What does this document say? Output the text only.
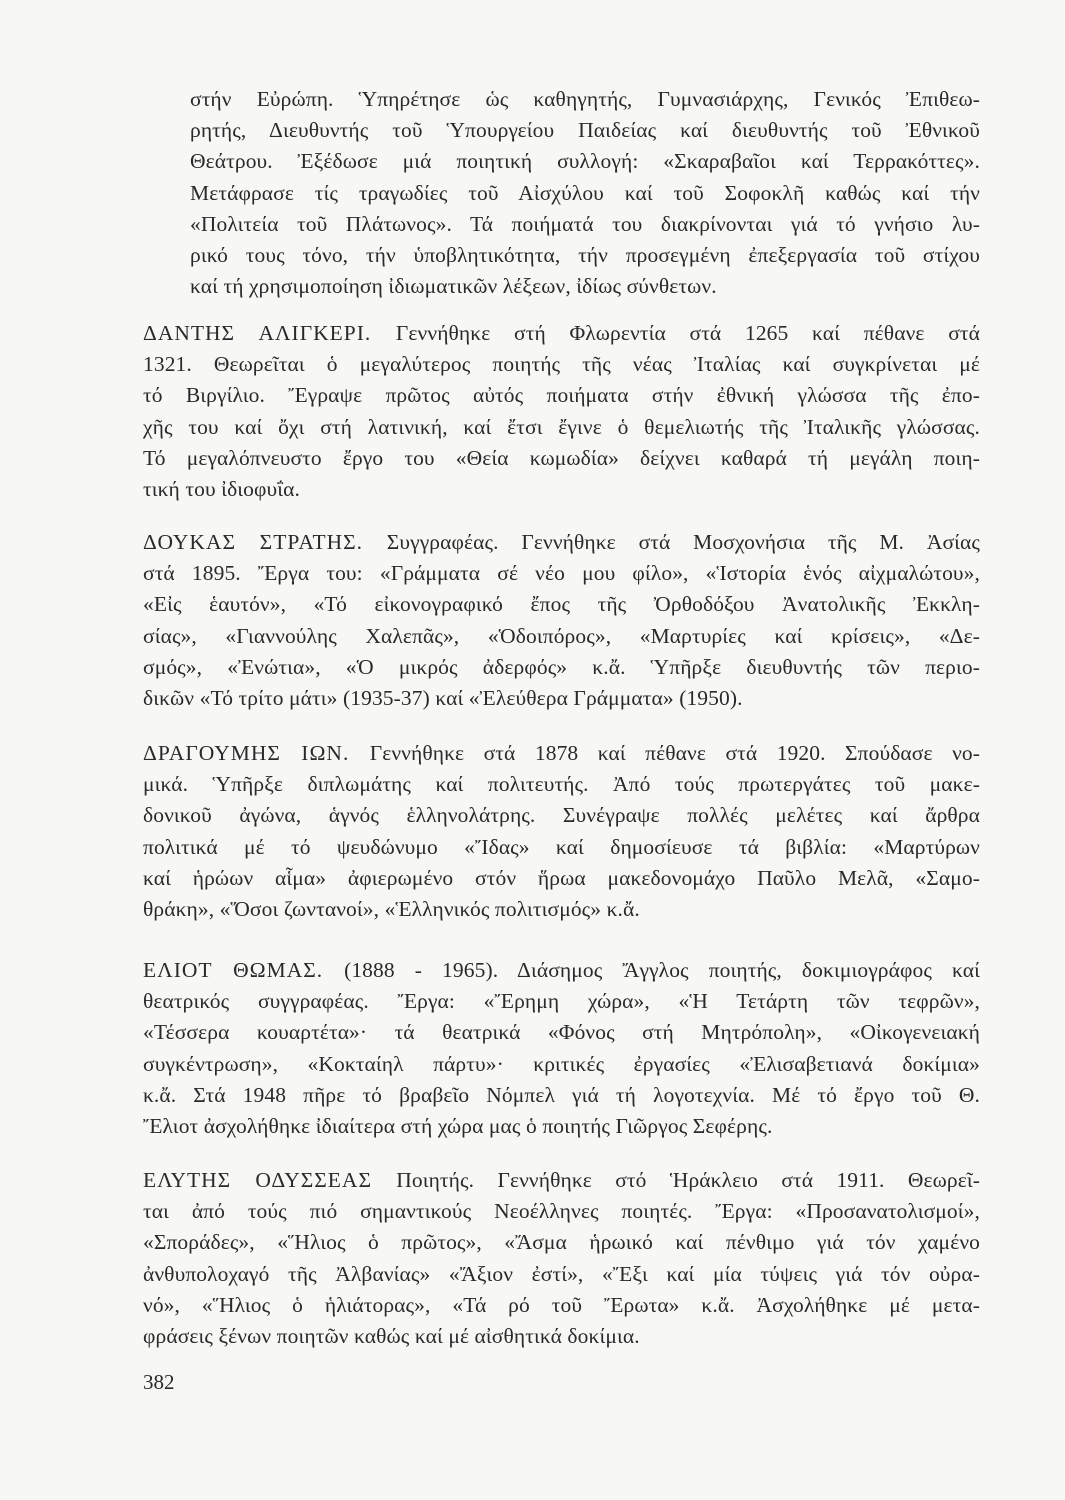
στήν Εὐρώπη. Ὑπηρέτησε ὡς καθηγητής, Γυμνασιάρχης, Γενικός Ἐπιθεω-
ρητής, Διευθυντής τοῦ Ὑπουργείου Παιδείας καί διευθυντής τοῦ Ἐθνικοῦ
Θεάτρου. Ἐξέδωσε μιά ποιητική συλλογή: «Σκαραβαῖοι καί Τερρακόττες».
Μετάφρασε τίς τραγωδίες τοῦ Αἰσχύλου καί τοῦ Σοφοκλῆ καθώς καί τήν
«Πολιτεία τοῦ Πλάτωνος». Τά ποιήματά του διακρίνονται γιά τό γνήσιο λυ-
ρικό τους τόνο, τήν ὑποβλητικότητα, τήν προσεγμένη ἐπεξεργασία τοῦ στίχου
καί τή χρησιμοποίηση ἰδιωματικῶν λέξεων, ἰδίως σύνθετων.
ΔΑΝΤΗΣ ΑΛΙΓΚΕΡΙ. Γεννήθηκε στή Φλωρεντία στά 1265 καί πέθανε στά
1321. Θεωρεῖται ὁ μεγαλύτερος ποιητής τῆς νέας Ἰταλίας καί συγκρίνεται μέ
τό Βιργίλιο. Ἔγραψε πρῶτος αὐτός ποιήματα στήν ἐθνική γλώσσα τῆς ἐπο-
χῆς του καί ὄχι στή λατινική, καί ἔτσι ἔγινε ὁ θεμελιωτής τῆς Ἰταλικῆς γλώσσας.
Τό μεγαλόπνευστο ἔργο του «Θεία κωμωδία» δείχνει καθαρά τή μεγάλη ποιη-
τική του ἰδιοφυΐα.
ΔΟΥΚΑΣ ΣΤΡΑΤΗΣ. Συγγραφέας. Γεννήθηκε στά Μοσχονήσια τῆς Μ. Ἀσίας
στά 1895. Ἔργα του: «Γράμματα σέ νέο μου φίλο», «Ἱστορία ἑνός αἰχμαλώτου»,
«Εἰς ἑαυτόν», «Τό εἰκονογραφικό ἔπος τῆς Ὀρθοδόξου Ἀνατολικῆς Ἐκκλη-
σίας», «Γιαννούλης Χαλεπᾶς», «Ὁδοιπόρος», «Μαρτυρίες καί κρίσεις», «Δε-
σμός», «Ἐνώτια», «Ὁ μικρός ἀδερφός» κ.ἄ. Ὑπῆρξε διευθυντής τῶν περιο-
δικῶν «Τό τρίτο μάτι» (1935-37) καί «Ἐλεύθερα Γράμματα» (1950).
ΔΡΑΓΟΥΜΗΣ ΙΩΝ. Γεννήθηκε στά 1878 καί πέθανε στά 1920. Σπούδασε νο-
μικά. Ὑπῆρξε διπλωμάτης καί πολιτευτής. Ἀπό τούς πρωτεργάτες τοῦ μακε-
δονικοῦ ἀγώνα, ἁγνός ἑλληνολάτρης. Συνέγραψε πολλές μελέτες καί ἄρθρα
πολιτικά μέ τό ψευδώνυμο «Ἴδας» καί δημοσίευσε τά βιβλία: «Μαρτύρων
καί ἡρώων αἷμα» ἀφιερωμένο στόν ἥρωα μακεδονομάχο Παῦλο Μελᾶ, «Σαμο-
θράκη», «Ὅσοι ζωντανοί», «Ἑλληνικός πολιτισμός» κ.ἄ.
ΕΛΙΟΤ ΘΩΜΑΣ. (1888 - 1965). Διάσημος Ἄγγλος ποιητής, δοκιμιογράφος καί
θεατρικός συγγραφέας. Ἔργα: «Ἔρημη χώρα», «Ἡ Τετάρτη τῶν τεφρῶν»,
«Τέσσερα κουαρτέτα»· τά θεατρικά «Φόνος στή Μητρόπολη», «Οἰκογενειακή
συγκέντρωση», «Κοκταίηλ πάρτυ»· κριτικές ἐργασίες «Ἐλισαβετιανά δοκίμια»
κ.ἄ. Στά 1948 πῆρε τό βραβεῖο Νόμπελ γιά τή λογοτεχνία. Μέ τό ἔργο τοῦ Θ.
Ἔλιοτ ἀσχολήθηκε ἰδιαίτερα στή χώρα μας ὁ ποιητής Γιῶργος Σεφέρης.
ΕΛΥΤΗΣ ΟΔΥΣΣΕΑΣ Ποιητής. Γεννήθηκε στό Ἡράκλειο στά 1911. Θεωρεῖ-
ται ἀπό τούς πιό σημαντικούς Νεοέλληνες ποιητές. Ἔργα: «Προσανατολισμοί»,
«Σποράδες», «Ἥλιος ὁ πρῶτος», «Ἄσμα ἡρωικό καί πένθιμο γιά τόν χαμένο
ἀνθυπολοχαγό τῆς Ἀλβανίας» «Ἄξιον ἐστί», «Ἔξι καί μία τύψεις γιά τόν οὐρα-
νό», «Ἥλιος ὁ ἡλιάτορας», «Τά ρό τοῦ Ἔρωτα» κ.ἄ. Ἀσχολήθηκε μέ μετα-
φράσεις ξένων ποιητῶν καθώς καί μέ αἰσθητικά δοκίμια.
382
